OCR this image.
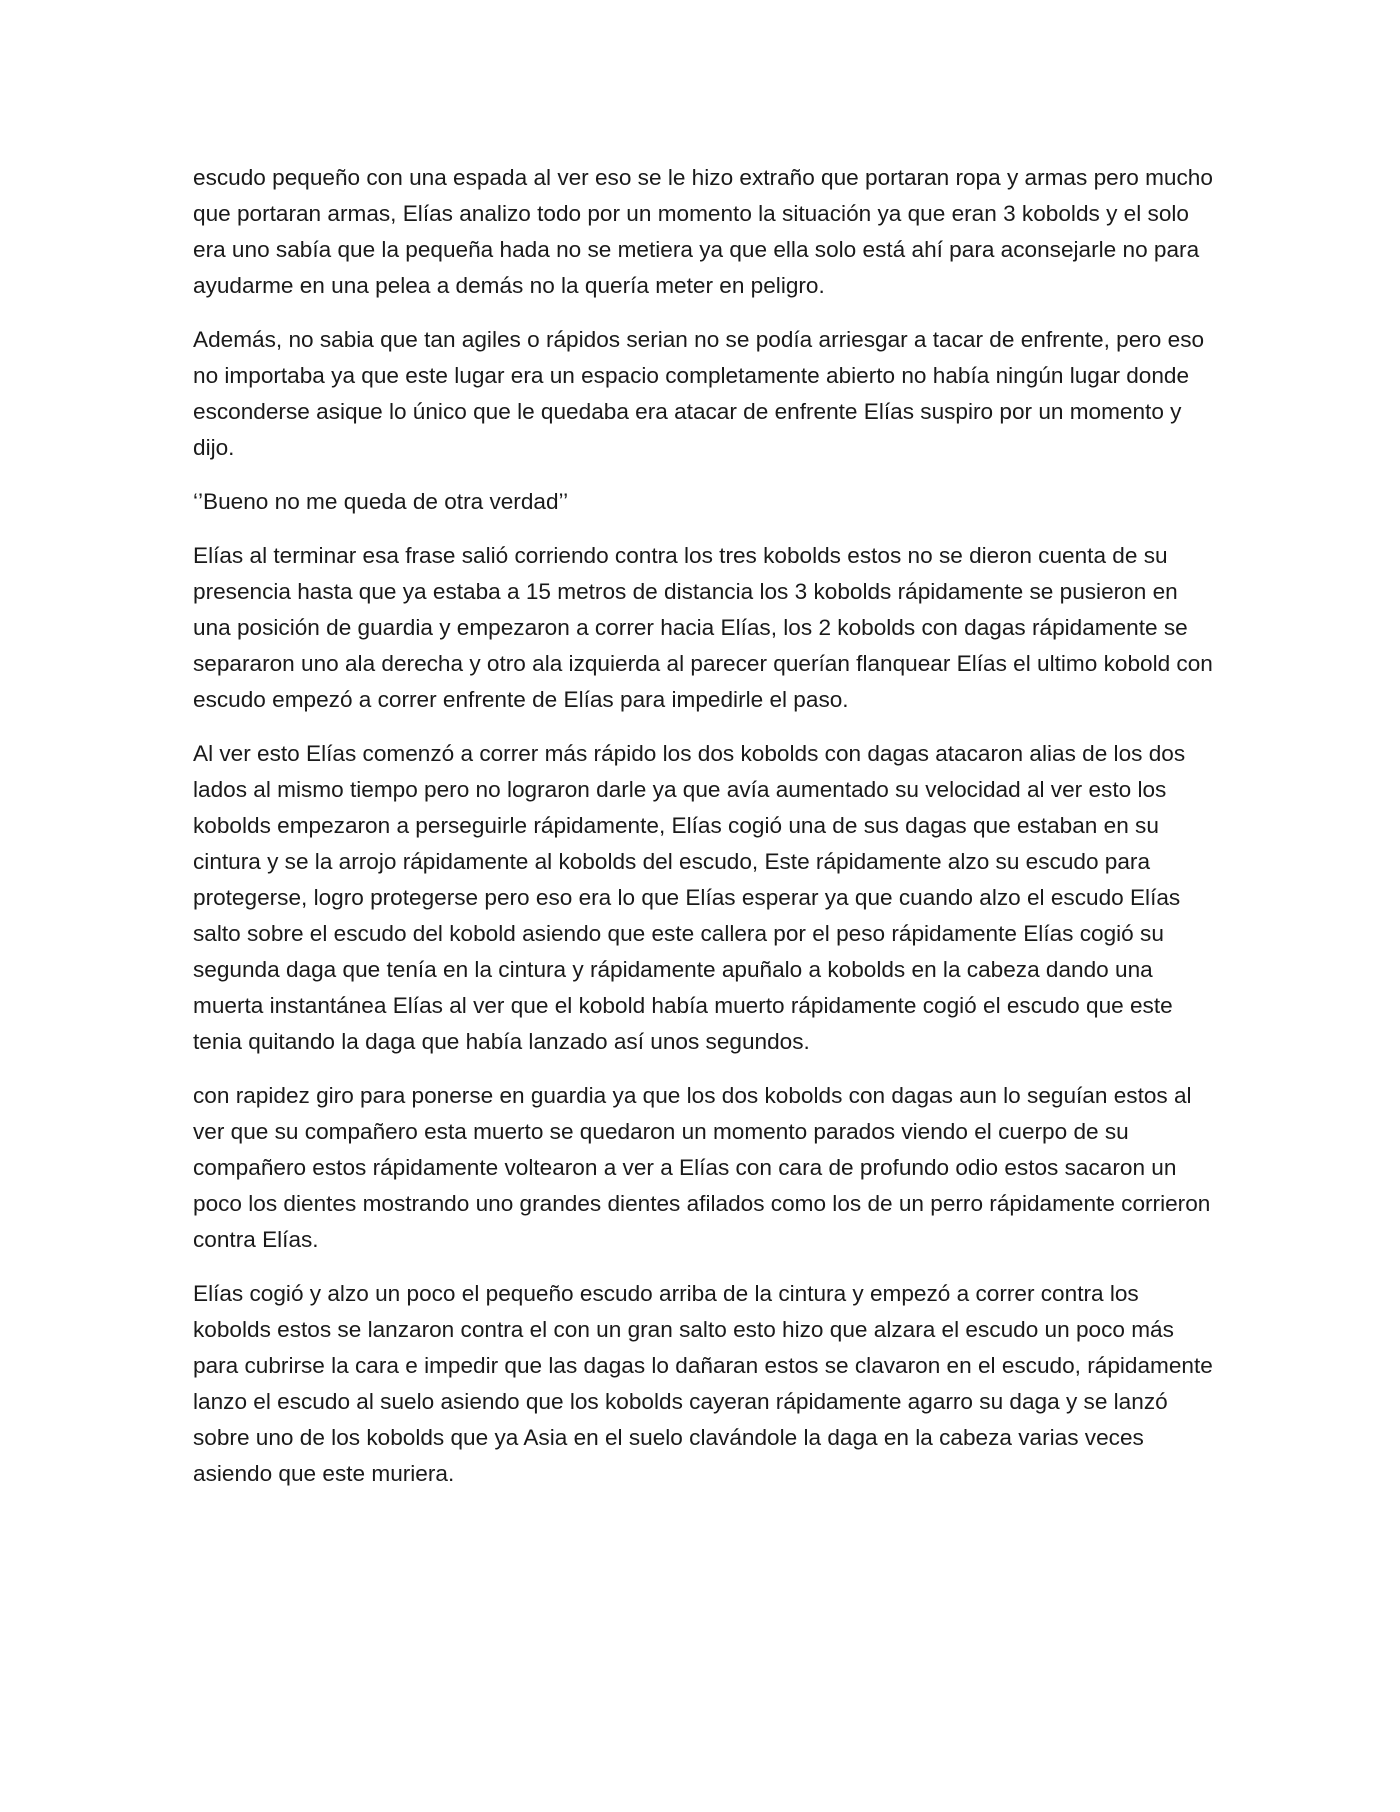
escudo pequeño con una espada al ver eso se le hizo extraño que portaran ropa y armas pero mucho que portaran armas, Elías analizo todo por un momento la situación ya que eran 3 kobolds y el solo era uno sabía que la pequeña hada no se metiera ya que ella solo está ahí para aconsejarle no para ayudarme en una pelea a demás no la quería meter en peligro.

Además, no sabia que tan agiles o rápidos serian no se podía arriesgar a tacar de enfrente, pero eso no importaba ya que este lugar era un espacio completamente abierto no había ningún lugar donde esconderse asique lo único que le quedaba era atacar de enfrente Elías suspiro por un momento y dijo.

‘’Bueno no me queda de otra verdad’’

Elías al terminar esa frase salió corriendo contra los tres kobolds estos no se dieron cuenta de su presencia hasta que ya estaba a 15 metros de distancia los 3 kobolds rápidamente se pusieron en una posición de guardia y empezaron a correr hacia Elías, los 2 kobolds con dagas rápidamente se separaron uno ala derecha y otro ala izquierda al parecer querían flanquear Elías el ultimo kobold con escudo empezó a correr enfrente de Elías para impedirle el paso.

Al ver esto Elías comenzó a correr más rápido los dos kobolds con dagas atacaron alias de los dos lados al mismo tiempo pero no lograron darle ya que avía aumentado su velocidad al ver esto los kobolds empezaron a perseguirle rápidamente, Elías cogió una de sus dagas que estaban en su cintura y se la arrojo rápidamente al kobolds del escudo, Este rápidamente alzo su escudo para protegerse, logro protegerse pero eso era lo que Elías esperar ya que cuando alzo el escudo Elías salto sobre el escudo del kobold asiendo que este callera por el peso rápidamente Elías cogió su segunda daga que tenía en la cintura y rápidamente apuñalo a kobolds en la cabeza dando una muerta instantánea Elías al ver que el kobold había muerto rápidamente cogió el escudo que este tenia quitando la daga que había lanzado así unos segundos.

con rapidez giro para ponerse en guardia ya que los dos kobolds con dagas aun lo seguían estos al ver que su compañero esta muerto se quedaron un momento parados viendo el cuerpo de su compañero estos rápidamente voltearon a ver a Elías con cara de profundo odio estos sacaron un poco los dientes mostrando uno grandes dientes afilados como los de un perro rápidamente corrieron contra Elías.

Elías cogió y alzo un poco el pequeño escudo arriba de la cintura y empezó a correr contra los kobolds estos se lanzaron contra el con un gran salto esto hizo que alzara el escudo un poco más para cubrirse la cara e impedir que las dagas lo dañaran estos se clavaron en el escudo, rápidamente lanzo el escudo al suelo asiendo que los kobolds cayeran rápidamente agarro su daga y se lanzó sobre uno de los kobolds que ya Asia en el suelo clavándole la daga en la cabeza varias veces asiendo que este muriera.
